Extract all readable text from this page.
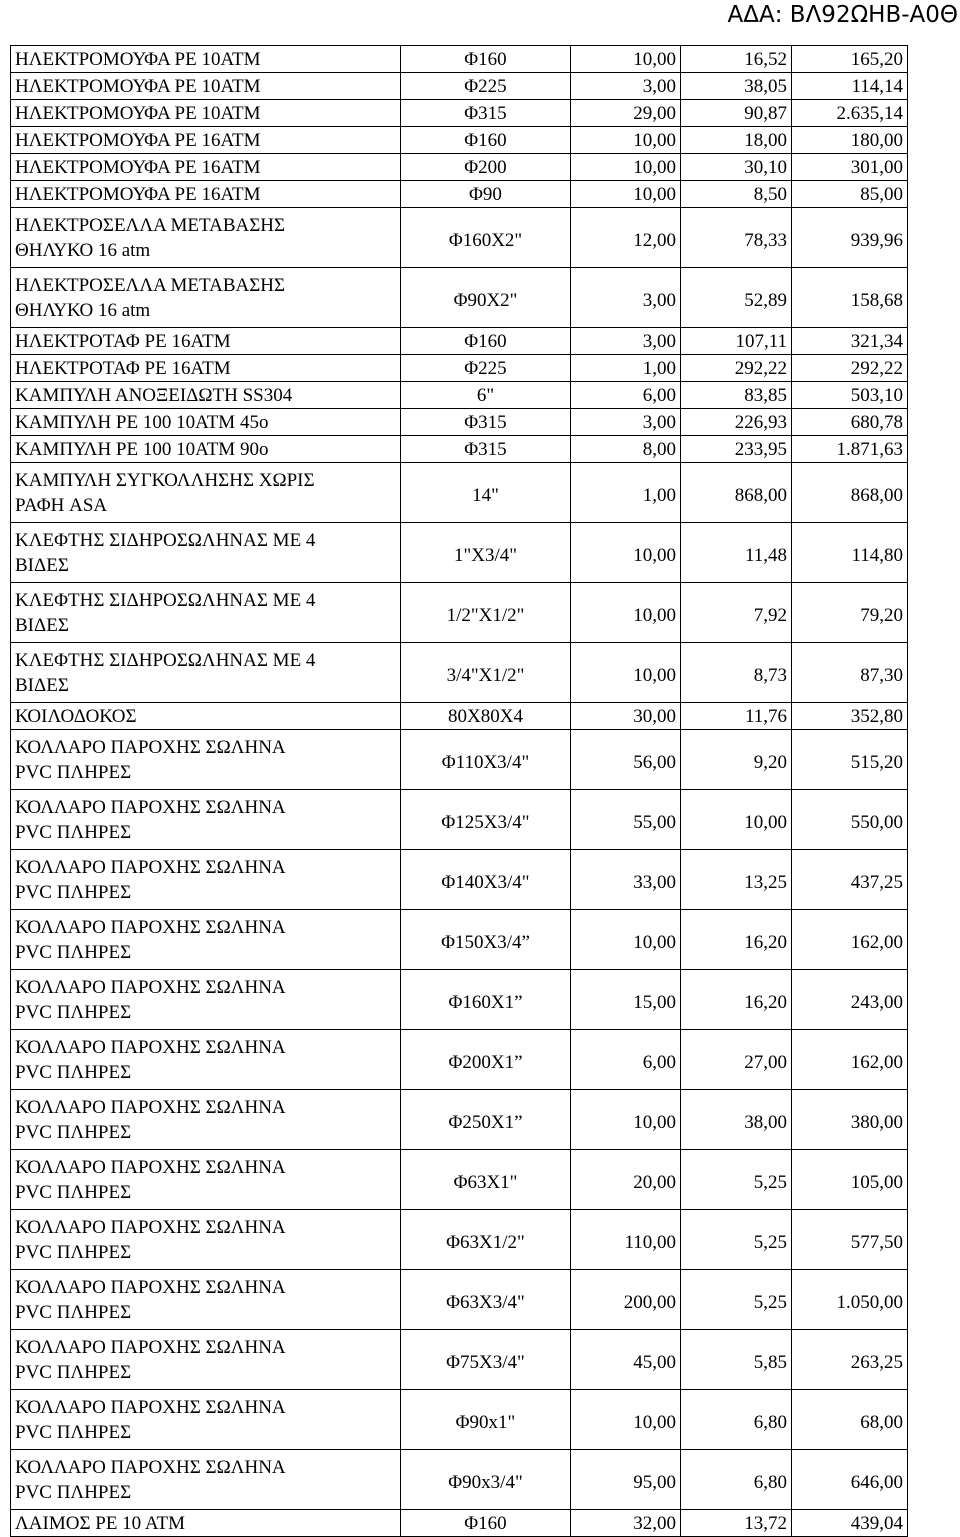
ΑΔΑ: ΒΛ92ΩΗΒ-Α0Θ
ΗΛΕΚΤΡΟΜΟΥΦΑ PE 10ATM	Φ160	10,00	16,52	165,20
ΗΛΕΚΤΡΟΜΟΥΦΑ PE 10ATM	Φ225	3,00	38,05	114,14
ΗΛΕΚΤΡΟΜΟΥΦΑ PE 10ATM	Φ315	29,00	90,87	2.635,14
ΗΛΕΚΤΡΟΜΟΥΦΑ PE 16ATM	Φ160	10,00	18,00	180,00
ΗΛΕΚΤΡΟΜΟΥΦΑ PE 16ATM	Φ200	10,00	30,10	301,00
ΗΛΕΚΤΡΟΜΟΥΦΑ PE 16ATM	Φ90	10,00	8,50	85,00
ΗΛΕΚΤΡΟΣΕΛΛΑ ΜΕΤΑΒΑΣΗΣ
ΘΗΛΥΚΟ 16 atm	Φ160X2"	12,00	78,33	939,96
ΗΛΕΚΤΡΟΣΕΛΛΑ ΜΕΤΑΒΑΣΗΣ
ΘΗΛΥΚΟ 16 atm	Φ90X2"	3,00	52,89	158,68
ΗΛΕΚΤΡΟΤΑΦ PE 16ATM	Φ160	3,00	107,11	321,34
ΗΛΕΚΤΡΟΤΑΦ PE 16ATM	Φ225	1,00	292,22	292,22
ΚΑΜΠΥΛΗ ΑΝΟΞΕΙΔΩΤΗ SS304	6"	6,00	83,85	503,10
ΚΑΜΠΥΛΗ PE 100 10ATM 45o	Φ315	3,00	226,93	680,78
ΚΑΜΠΥΛΗ PE 100 10ATM 90o	Φ315	8,00	233,95	1.871,63
ΚΑΜΠΥΛΗ ΣΥΓΚΟΛΛΗΣΗΣ ΧΩΡΙΣ
ΡΑΦΗ ASA	14"	1,00	868,00	868,00
ΚΛΕΦΤΗΣ ΣΙΔΗΡΟΣΩΛΗΝΑΣ ΜΕ 4
ΒΙΔΕΣ	1"X3/4"	10,00	11,48	114,80
ΚΛΕΦΤΗΣ ΣΙΔΗΡΟΣΩΛΗΝΑΣ ΜΕ 4
ΒΙΔΕΣ	1/2"X1/2"	10,00	7,92	79,20
ΚΛΕΦΤΗΣ ΣΙΔΗΡΟΣΩΛΗΝΑΣ ΜΕ 4
ΒΙΔΕΣ	3/4"X1/2"	10,00	8,73	87,30
ΚΟΙΛΟΔΟΚΟΣ	80Χ80Χ4	30,00	11,76	352,80
ΚΟΛΛΑΡΟ ΠΑΡΟΧΗΣ ΣΩΛΗΝΑ
PVC ΠΛΗΡΕΣ	Φ110X3/4"	56,00	9,20	515,20
ΚΟΛΛΑΡΟ ΠΑΡΟΧΗΣ ΣΩΛΗΝΑ
PVC ΠΛΗΡΕΣ	Φ125X3/4"	55,00	10,00	550,00
ΚΟΛΛΑΡΟ ΠΑΡΟΧΗΣ ΣΩΛΗΝΑ
PVC ΠΛΗΡΕΣ	Φ140X3/4"	33,00	13,25	437,25
ΚΟΛΛΑΡΟ ΠΑΡΟΧΗΣ ΣΩΛΗΝΑ
PVC ΠΛΗΡΕΣ	Φ150X3/4”	10,00	16,20	162,00
ΚΟΛΛΑΡΟ ΠΑΡΟΧΗΣ ΣΩΛΗΝΑ
PVC ΠΛΗΡΕΣ	Φ160X1”	15,00	16,20	243,00
ΚΟΛΛΑΡΟ ΠΑΡΟΧΗΣ ΣΩΛΗΝΑ
PVC ΠΛΗΡΕΣ	Φ200X1”	6,00	27,00	162,00
ΚΟΛΛΑΡΟ ΠΑΡΟΧΗΣ ΣΩΛΗΝΑ
PVC ΠΛΗΡΕΣ	Φ250X1”	10,00	38,00	380,00
ΚΟΛΛΑΡΟ ΠΑΡΟΧΗΣ ΣΩΛΗΝΑ
PVC ΠΛΗΡΕΣ	Φ63X1"	20,00	5,25	105,00
ΚΟΛΛΑΡΟ ΠΑΡΟΧΗΣ ΣΩΛΗΝΑ
PVC ΠΛΗΡΕΣ	Φ63X1/2"	110,00	5,25	577,50
ΚΟΛΛΑΡΟ ΠΑΡΟΧΗΣ ΣΩΛΗΝΑ
PVC ΠΛΗΡΕΣ	Φ63X3/4"	200,00	5,25	1.050,00
ΚΟΛΛΑΡΟ ΠΑΡΟΧΗΣ ΣΩΛΗΝΑ
PVC ΠΛΗΡΕΣ	Φ75X3/4"	45,00	5,85	263,25
ΚΟΛΛΑΡΟ ΠΑΡΟΧΗΣ ΣΩΛΗΝΑ
PVC ΠΛΗΡΕΣ	Φ90x1"	10,00	6,80	68,00
ΚΟΛΛΑΡΟ ΠΑΡΟΧΗΣ ΣΩΛΗΝΑ
PVC ΠΛΗΡΕΣ	Φ90x3/4"	95,00	6,80	646,00
ΛΑΙΜΟΣ PE 10 ATM	Φ160	32,00	13,72	439,04
